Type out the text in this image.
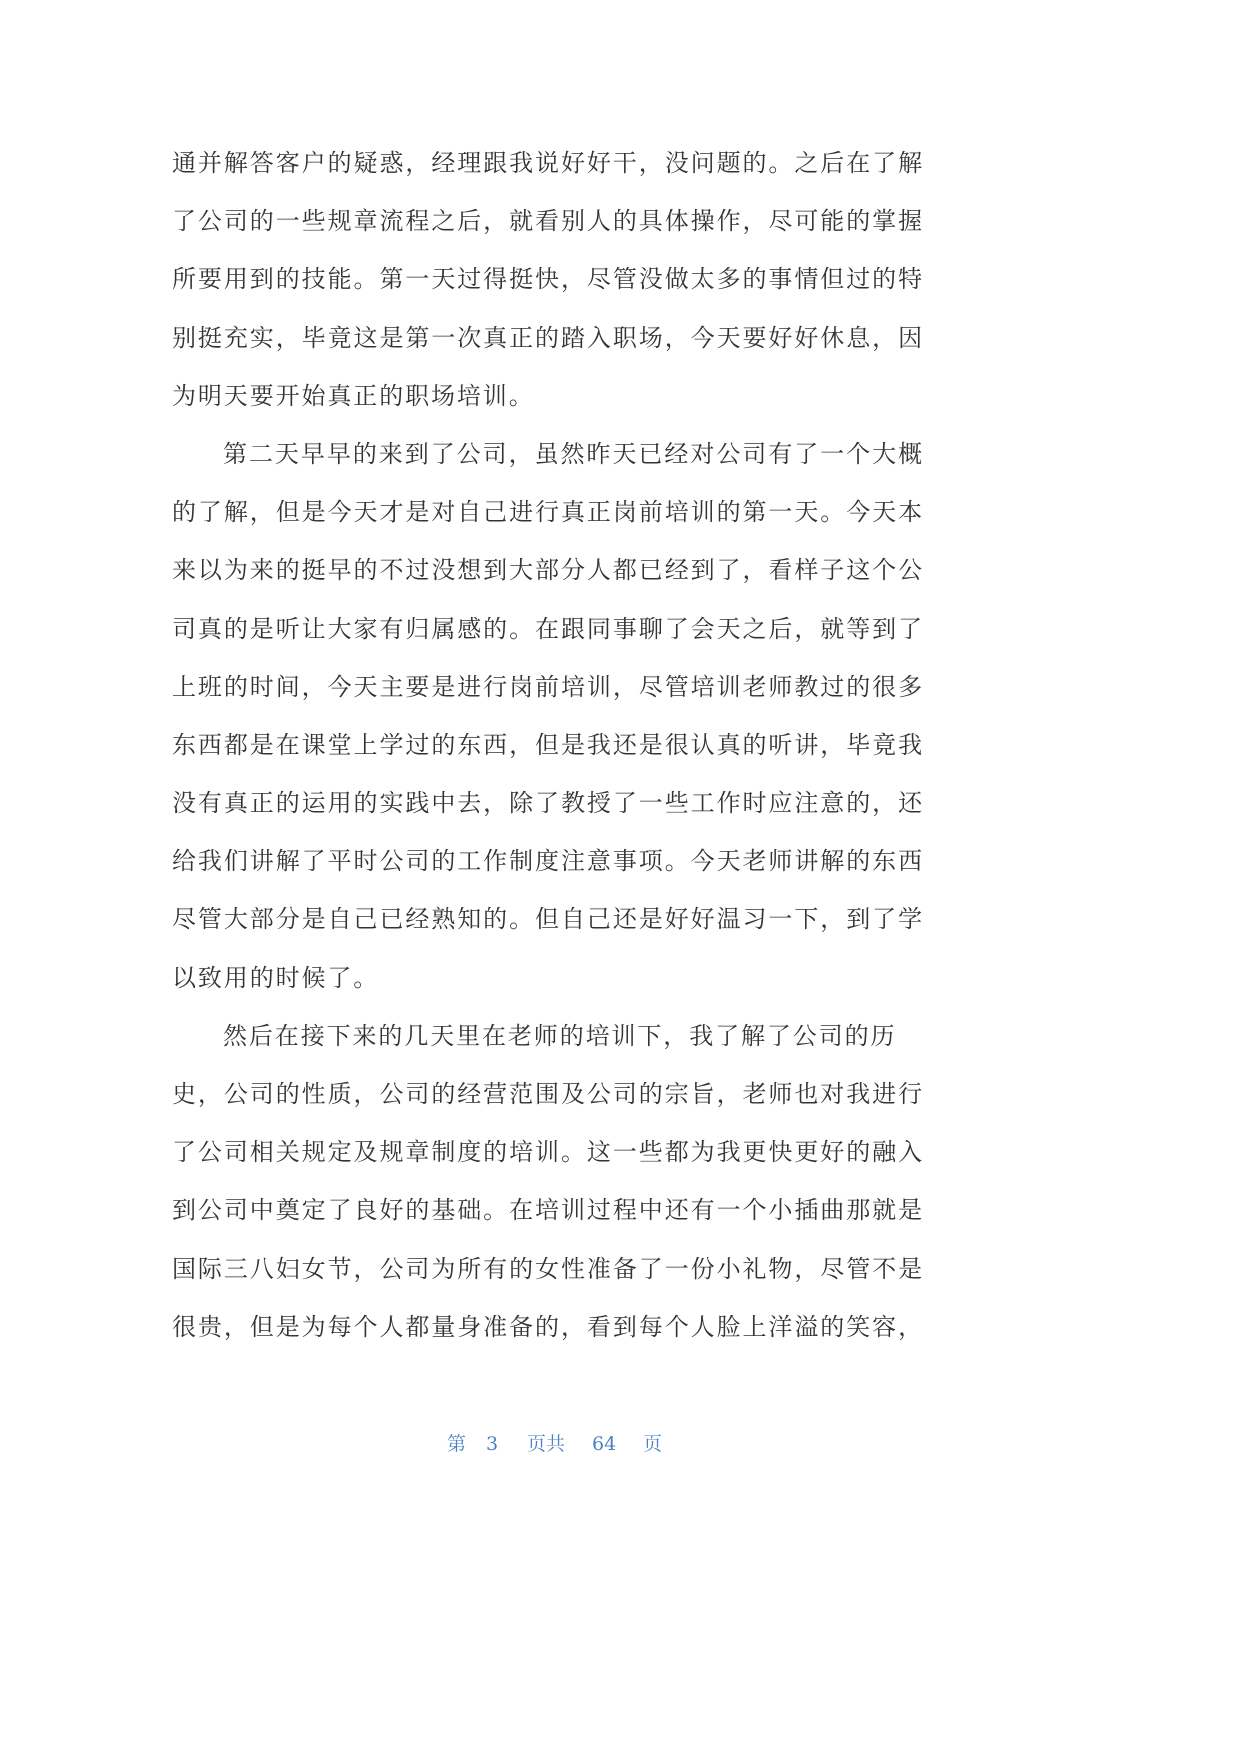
通并解答客户的疑惑，经理跟我说好好干，没问题的。之后在了解
了公司的一些规章流程之后，就看别人的具体操作，尽可能的掌握
所要用到的技能。第一天过得挺快，尽管没做太多的事情但过的特
别挺充实，毕竟这是第一次真正的踏入职场，今天要好好休息，因
为明天要开始真正的职场培训。
第二天早早的来到了公司，虽然昨天已经对公司有了一个大概
的了解，但是今天才是对自己进行真正岗前培训的第一天。今天本
来以为来的挺早的不过没想到大部分人都已经到了，看样子这个公
司真的是听让大家有归属感的。在跟同事聊了会天之后，就等到了
上班的时间，今天主要是进行岗前培训，尽管培训老师教过的很多
东西都是在课堂上学过的东西，但是我还是很认真的听讲，毕竟我
没有真正的运用的实践中去，除了教授了一些工作时应注意的，还
给我们讲解了平时公司的工作制度注意事项。今天老师讲解的东西
尽管大部分是自己已经熟知的。但自己还是好好温习一下，到了学
以致用的时候了。
然后在接下来的几天里在老师的培训下，我了解了公司的历
史，公司的性质，公司的经营范围及公司的宗旨，老师也对我进行
了公司相关规定及规章制度的培训。这一些都为我更快更好的融入
到公司中奠定了良好的基础。在培训过程中还有一个小插曲那就是
国际三八妇女节，公司为所有的女性准备了一份小礼物，尽管不是
很贵，但是为每个人都量身准备的，看到每个人脸上洋溢的笑容，
第 3 页共 64 页
